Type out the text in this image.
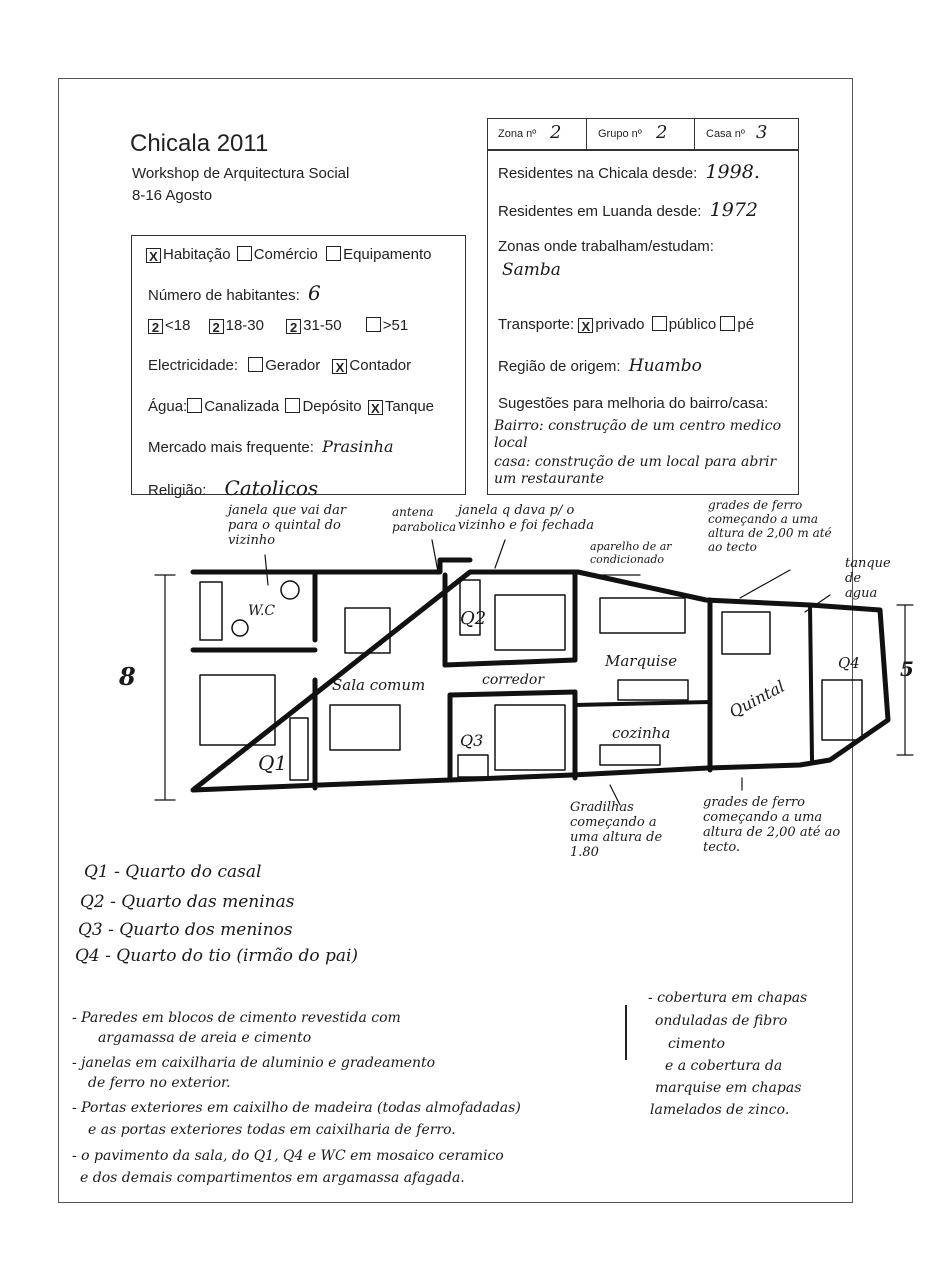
Chicala 2011
Workshop de Arquitectura Social
8-16 Agosto
Zona nº 2	Grupo nº 2	Casa nº 3
Residentes na Chicala desde: 1998.
Residentes em Luanda desde: 1972
Zonas onde trabalham/estudam:
Samba
Transporte: X privado público pé
Região de origem: Huambo
Sugestões para melhoria do bairro/casa:
Bairro: construção de um centro medico local
casa: construção de um local para abrir um restaurante
X Habitação Comércio Equipamento
Número de habitantes: 6
2 <18 2 18-30 2 31-50	>51
Electricidade: Gerador X Contador
Água: Canalizada Depósito X Tanque
Mercado mais frequente: Prasinha
Religião: Catolicos
W.C
Q1
Q2
Q3
Q4
Sala comum	corredor
Marquise
cozinha
Quintal
8	5
janela que vai dar para o quintal do vizinho
antena parabolica
janela q dava p/ o vizinho e foi fechada
aparelho de ar condicionado
grades de ferro começando a uma altura de 2,00 m até ao tecto
tanque de agua
Gradilhas começando a uma altura de 1.80
grades de ferro começando a uma altura de 2,00 até ao tecto.
Q1 - Quarto do casal
Q2 - Quarto das meninas
Q3 - Quarto dos meninos
Q4 - Quarto do tio (irmão do pai)
- Paredes em blocos de cimento revestida com
argamassa de areia e cimento
- janelas em caixilharia de aluminio e gradeamento
de ferro no exterior.
- Portas exteriores em caixilho de madeira (todas almofadadas)
e as portas exteriores todas em caixilharia de ferro.
- o pavimento da sala, do Q1, Q4 e WC em mosaico ceramico
e dos demais compartimentos em argamassa afagada.
- cobertura em chapas
onduladas de fibro
cimento
e a cobertura da
marquise em chapas
lamelados de zinco.
